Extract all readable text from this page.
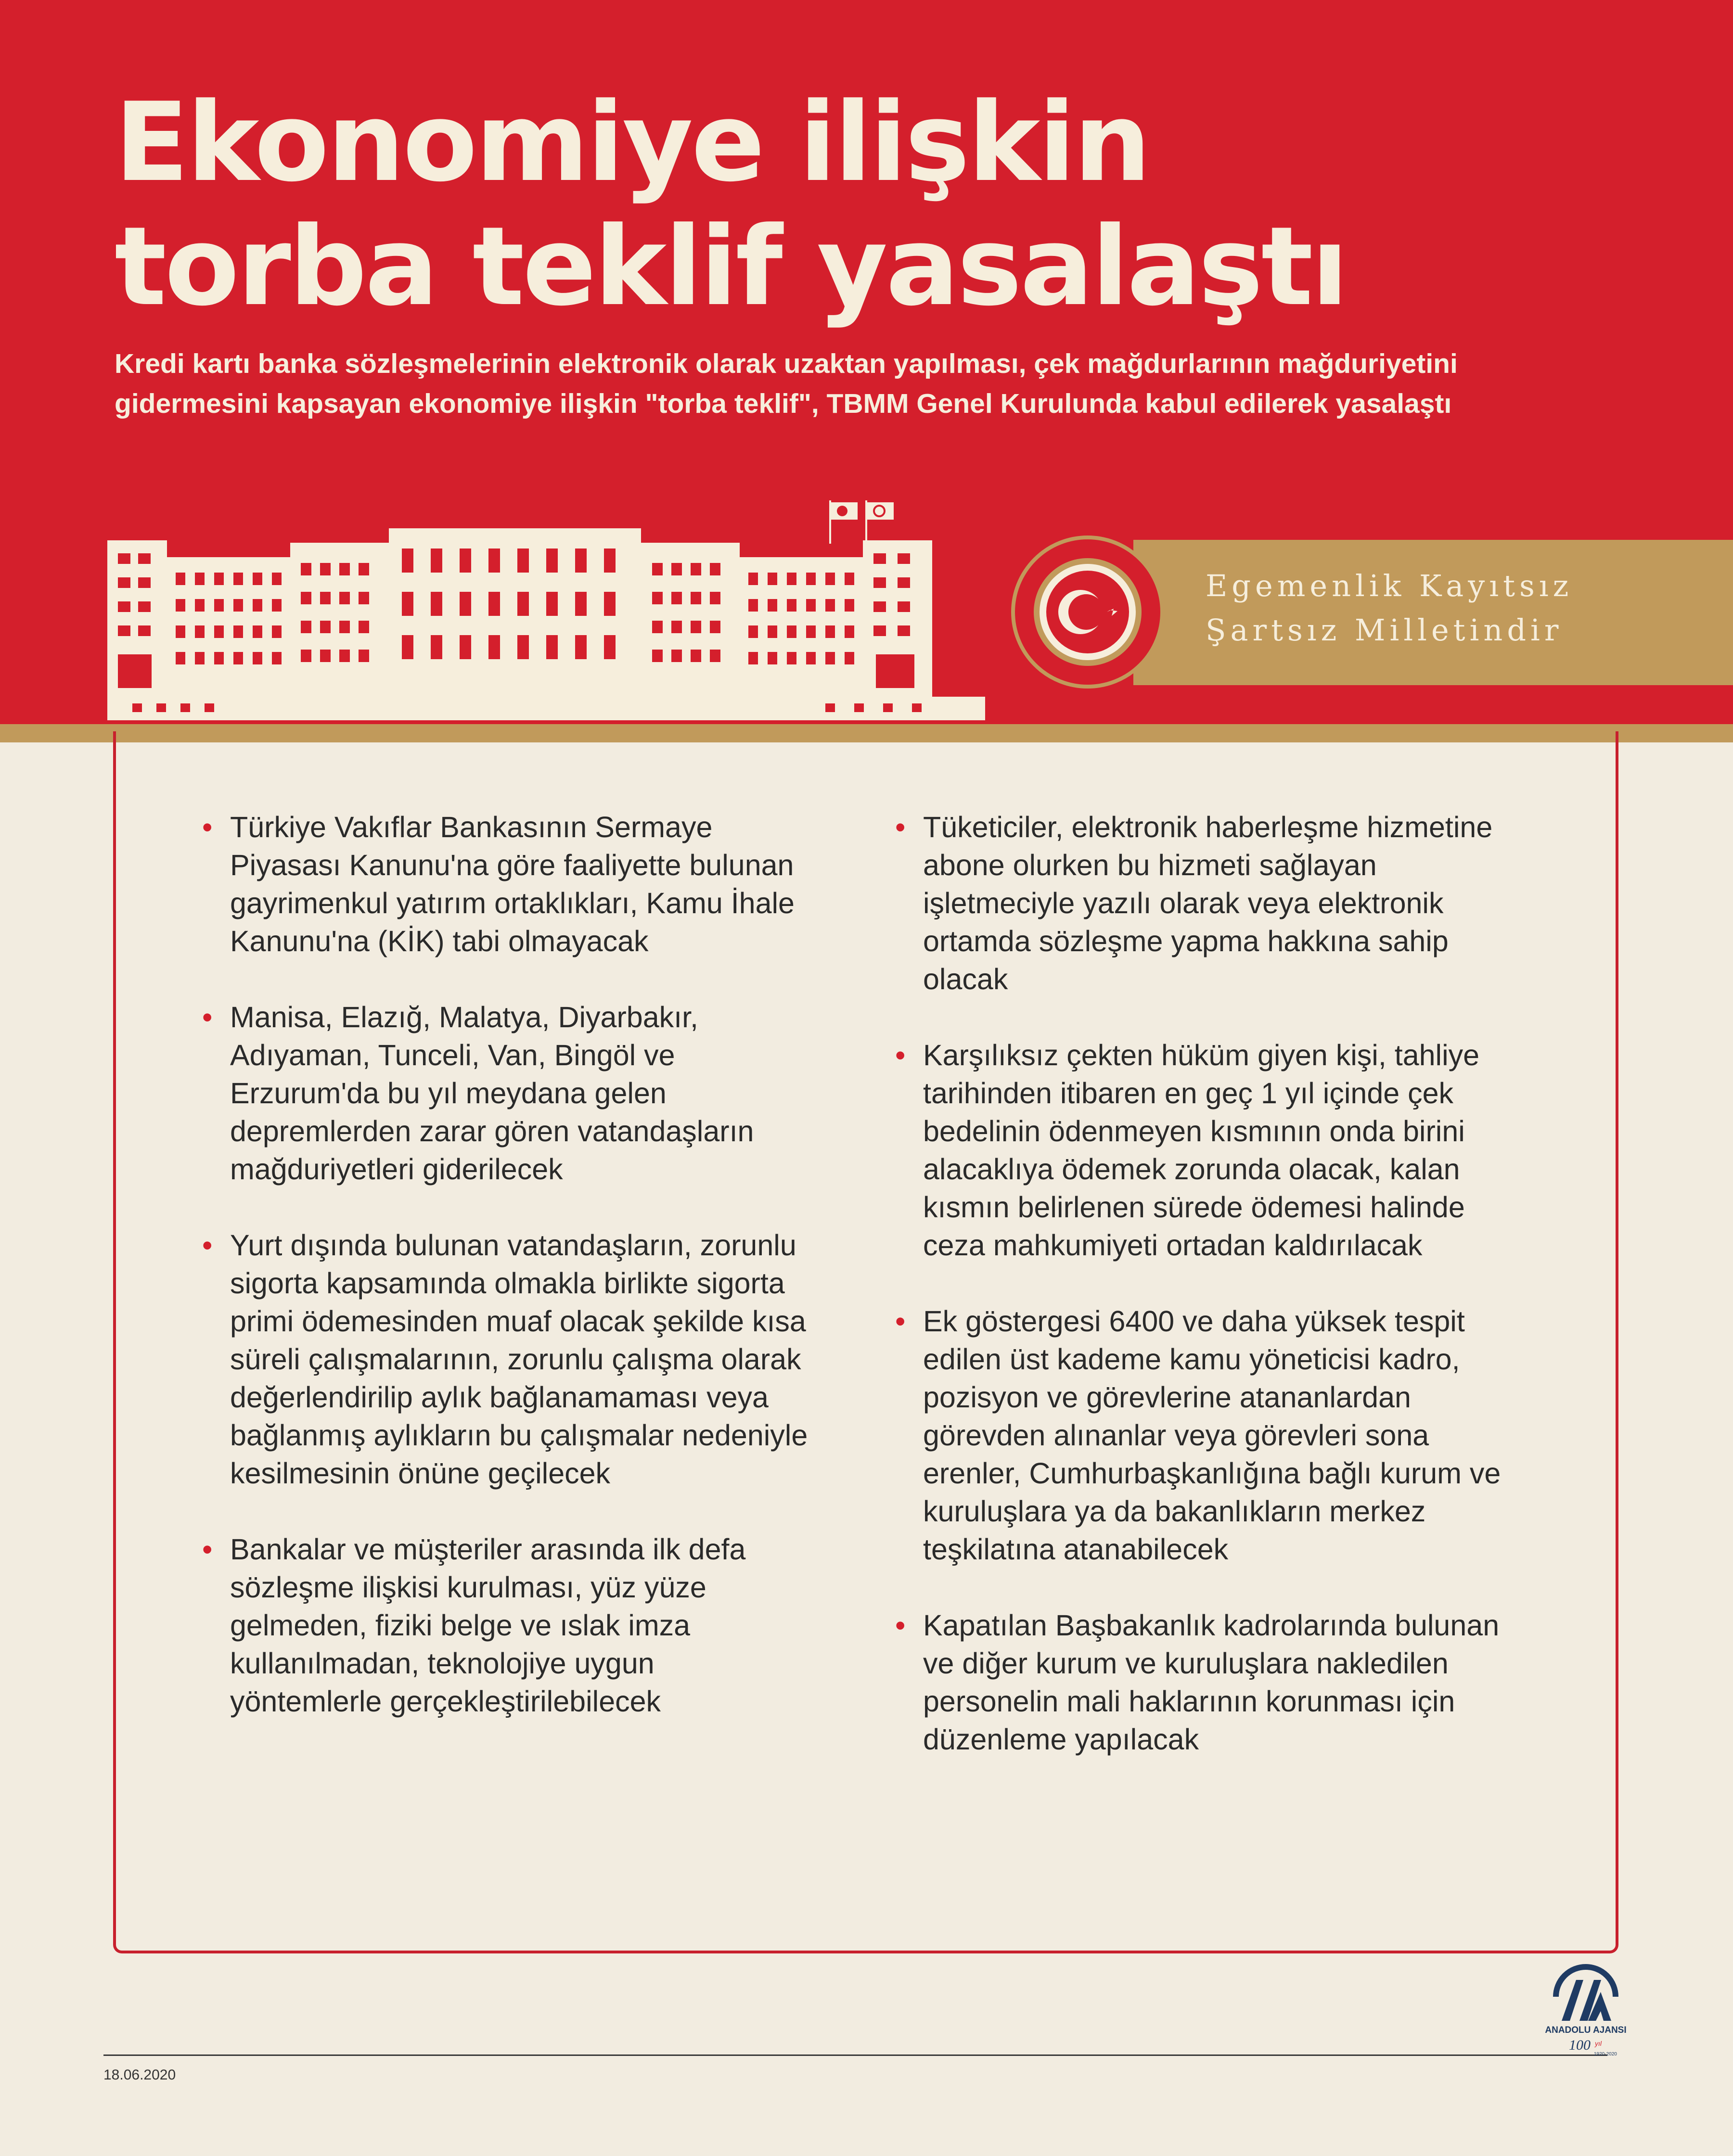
Ekonomiye ilişkin
torba teklif yasalaştı

Kredi kartı banka sözleşmelerinin elektronik olarak uzaktan yapılması, çek mağdurlarının mağduriyetini gidermesini kapsayan ekonomiye ilişkin "torba teklif", TBMM Genel Kurulunda kabul edilerek yasalaştı

Egemenlik Kayıtsız
Şartsız Milletindir
• Türkiye Vakıflar Bankasının Sermaye Piyasası Kanunu'na göre faaliyette bulunan gayrimenkul yatırım ortaklıkları, Kamu İhale Kanunu'na (KİK) tabi olmayacak
• Manisa, Elazığ, Malatya, Diyarbakır, Adıyaman, Tunceli, Van, Bingöl ve Erzurum'da bu yıl meydana gelen depremlerden zarar gören vatandaşların mağduriyetleri giderilecek
• Yurt dışında bulunan vatandaşların, zorunlu sigorta kapsamında olmakla birlikte sigorta primi ödemesinden muaf olacak şekilde kısa süreli çalışmalarının, zorunlu çalışma olarak değerlendirilip aylık bağlanamaması veya bağlanmış aylıkların bu çalışmalar nedeniyle kesilmesinin önüne geçilecek
• Bankalar ve müşteriler arasında ilk defa sözleşme ilişkisi kurulması, yüz yüze gelmeden, fiziki belge ve ıslak imza kullanılmadan, teknolojiye uygun yöntemlerle gerçekleştirilebilecek
• Tüketiciler, elektronik haberleşme hizmetine abone olurken bu hizmeti sağlayan işletmeciyle yazılı olarak veya elektronik ortamda sözleşme yapma hakkına sahip olacak
• Karşılıksız çekten hüküm giyen kişi, tahliye tarihinden itibaren en geç 1 yıl içinde çek bedelinin ödenmeyen kısmının onda birini alacaklıya ödemek zorunda olacak, kalan kısmın belirlenen sürede ödemesi halinde ceza mahkumiyeti ortadan kaldırılacak
• Ek göstergesi 6400 ve daha yüksek tespit edilen üst kademe kamu yöneticisi kadro, pozisyon ve görevlerine atananlardan görevden alınanlar veya görevleri sona erenler, Cumhurbaşkanlığına bağlı kurum ve kuruluşlara ya da bakanlıkların merkez teşkilatına atanabilecek
• Kapatılan Başbakanlık kadrolarında bulunan ve diğer kurum ve kuruluşlara nakledilen personelin mali haklarının korunması için düzenleme yapılacak
18.06.2020
ANADOLU AJANSI
100 yıl
1920-2020
